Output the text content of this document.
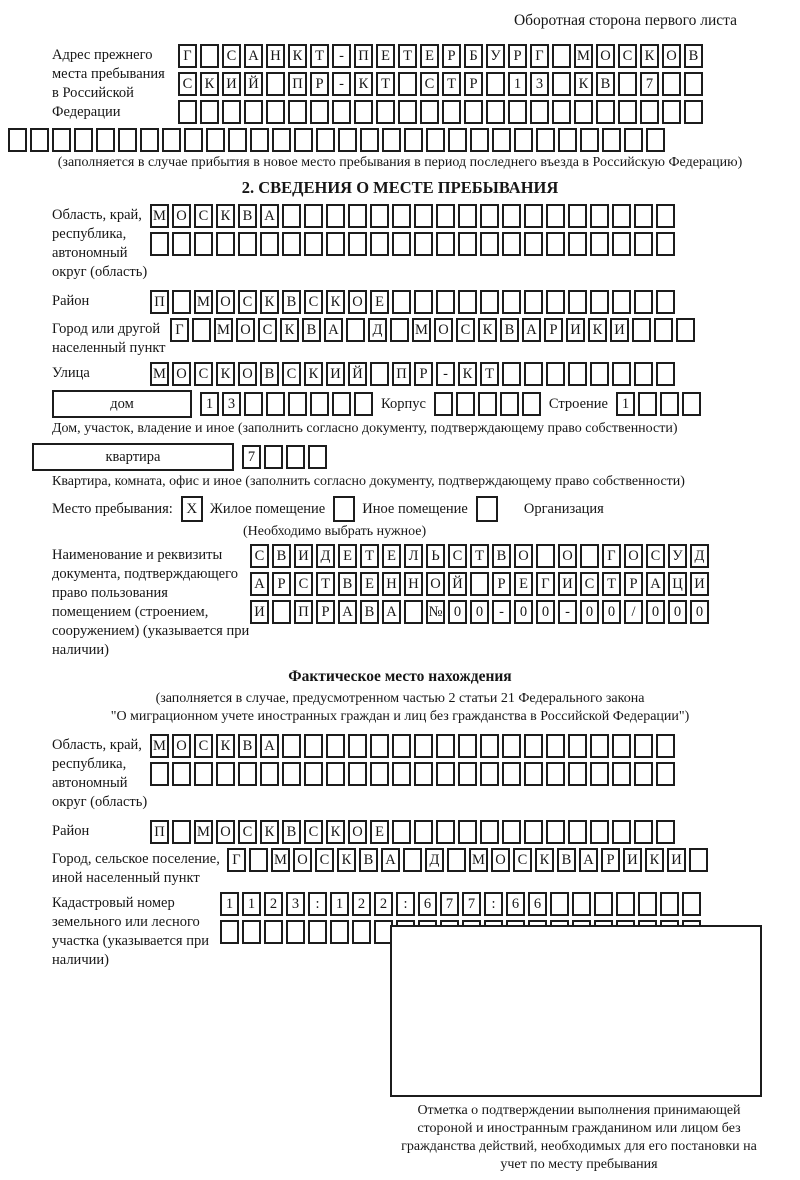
Оборотная сторона первого листа
Адрес прежнего места пребывания в Российской Федерации
Г	С А Н К Т	- П Е Т Е Р Б У Р Г	М О С К О В
С К И Й П Р	-	К Т	С Т Р	1	3	К В	7
(заполняется в случае прибытия в новое место пребывания в период последнего въезда в Российскую Федерацию)
2. СВЕДЕНИЯ О МЕСТЕ ПРЕБЫВАНИЯ
Область, край, республика, автономный округ (область)
М О С К В А
Район	П М О С К В С К О Е
Город или другой населенный пункт
Г	М О С К В А	Д	М О С К В А Р И К И
Улица	М О С К О В С К И Й П Р	-	К Т
дом	1	3	Корпус	Строение 1
Дом, участок, владение и иное (заполнить согласно документу, подтверждающему право собственности)
квартира	7
Квартира, комната, офис и иное (заполнить согласно документу, подтверждающему право собственности)
Место пребывания: X Жилое помещение	Иное помещение	Организация
(Необходимо выбрать нужное)
Наименование и реквизиты документа, подтверждающего право пользования помещением (строением, сооружением) (указывается при наличии)
С В И Д Е Т Е Л Ь С Т В О О	Г О С У Д
А Р С Т В Е Н Н О Й	Р Е Г И С Т Р А Ц И
И П Р А В А № 0	0	-	0	0	-	0	0	/	0	0	0
Фактическое место нахождения
(заполняется в случае, предусмотренном частью 2 статьи 21 Федерального закона
"О миграционном учете иностранных граждан и лиц без гражданства в Российской Федерации")
Область, край, республика, автономный округ (область)
М О С К В А
Район	П М О С К В С К О Е
Город, сельское поселение, иной населенный пункт
Г	М О С К В А	Д	М О С К В А Р И К И
Кадастровый номер земельного или лесного участка (указывается при наличии)
1	1	2	3	:	1	2	2	:	6	7	7	:	6	6
Отметка о подтверждении выполнения принимающей стороной и иностранным гражданином или лицом без гражданства действий, необходимых для его постановки на учет по месту пребывания
